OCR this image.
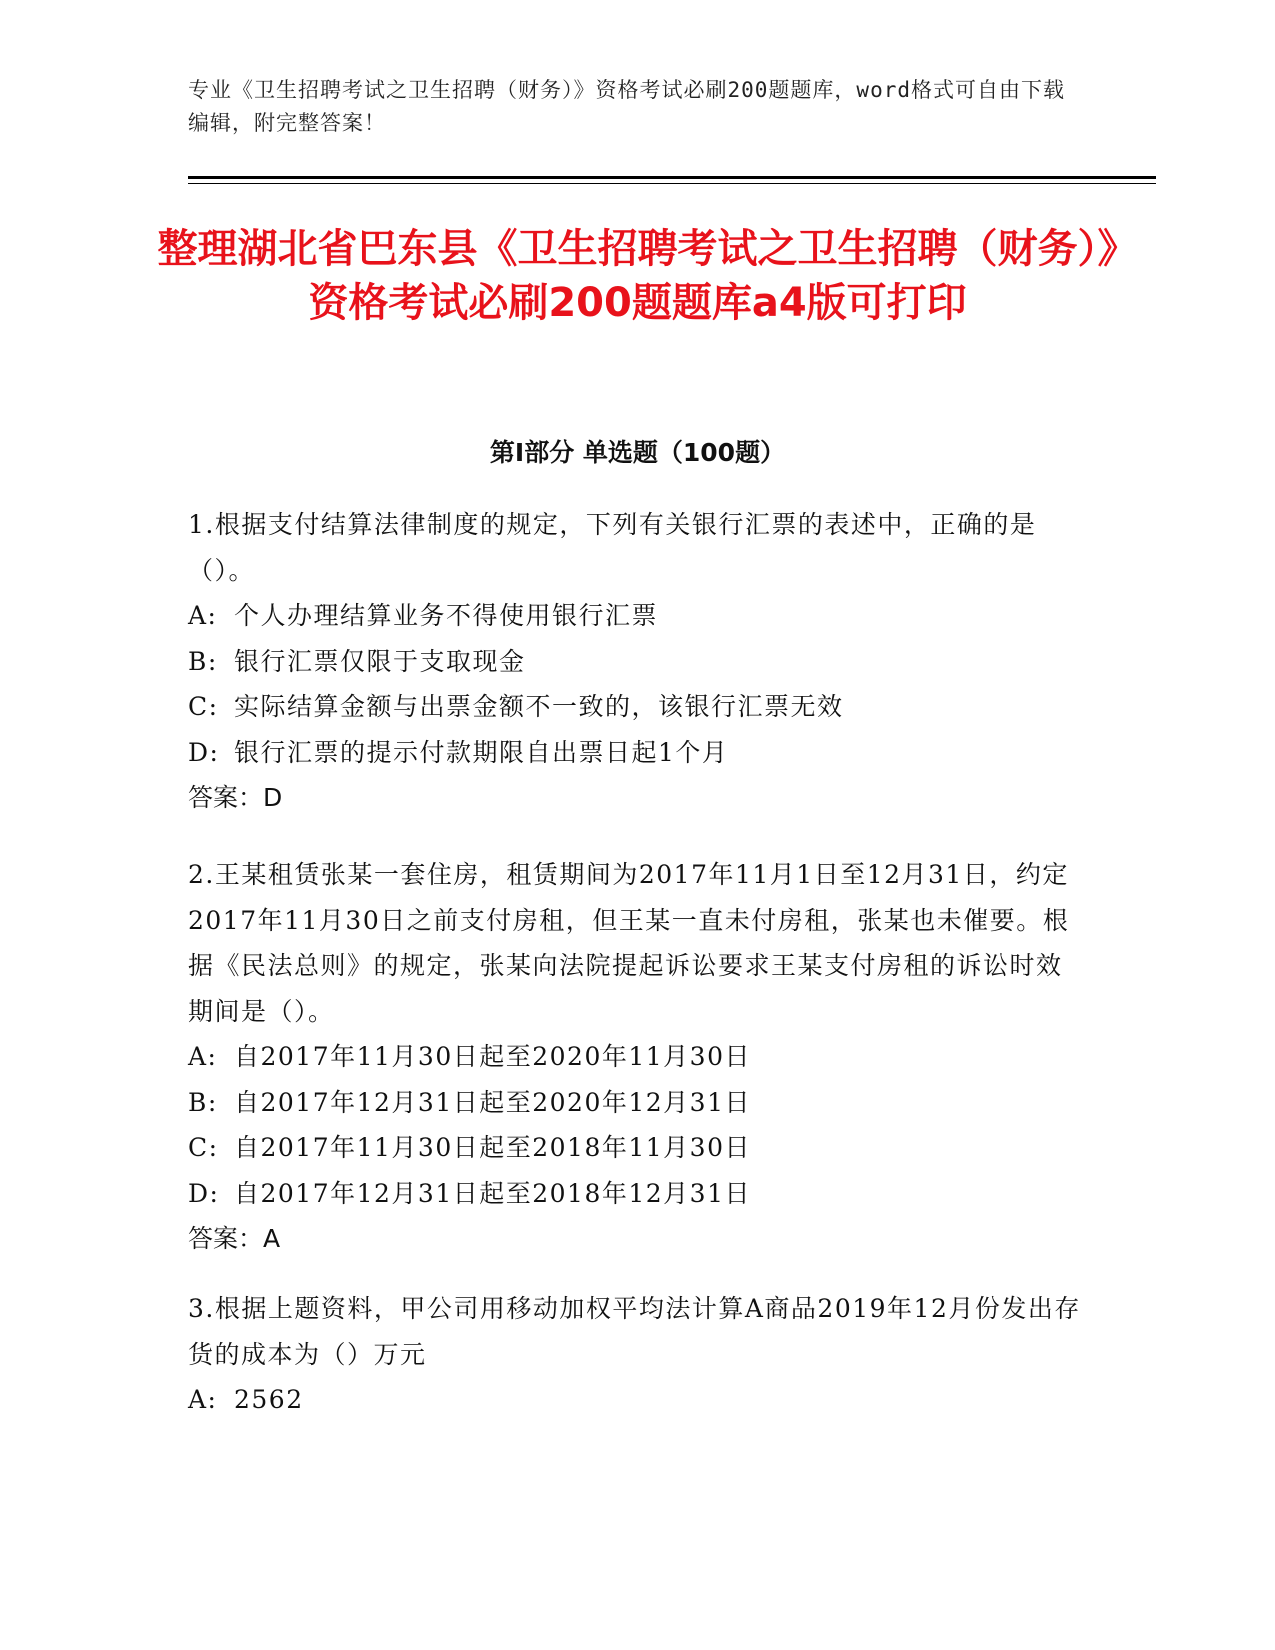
专业《卫生招聘考试之卫生招聘（财务）》资格考试必刷200题题库，word格式可自由下载编辑，附完整答案！
整理湖北省巴东县《卫生招聘考试之卫生招聘（财务）》资格考试必刷200题题库a4版可打印
第I部分 单选题（100题）

1.根据支付结算法律制度的规定，下列有关银行汇票的表述中，正确的是（）。

A: 个人办理结算业务不得使用银行汇票

B: 银行汇票仅限于支取现金

C: 实际结算金额与出票金额不一致的，该银行汇票无效

D: 银行汇票的提示付款期限自出票日起1个月

答案：D

2.王某租赁张某一套住房，租赁期间为2017年11月1日至12月31日，约定2017年11月30日之前支付房租，但王某一直未付房租，张某也未催要。根据《民法总则》的规定，张某向法院提起诉讼要求王某支付房租的诉讼时效期间是（）。

A: 自2017年11月30日起至2020年11月30日

B: 自2017年12月31日起至2020年12月31日

C: 自2017年11月30日起至2018年11月30日

D: 自2017年12月31日起至2018年12月31日

答案：A

3.根据上题资料，甲公司用移动加权平均法计算A商品2019年12月份发出存货的成本为（）万元

A: 2562
